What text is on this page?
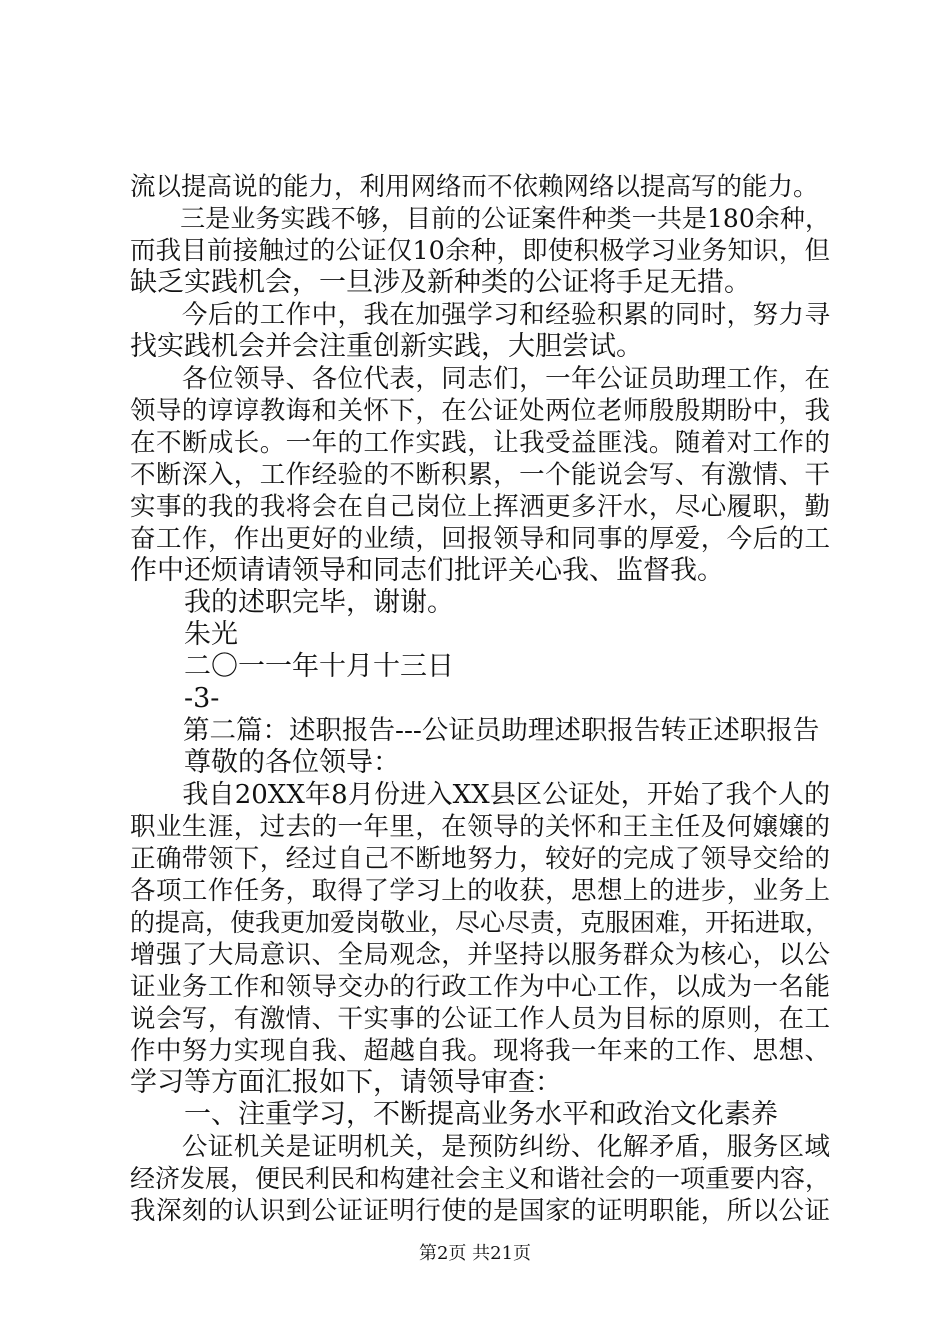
流以提高说的能力，利用网络而不依赖网络以提高写的能力。
　　三是业务实践不够，目前的公证案件种类一共是180余种，
而我目前接触过的公证仅10余种，即使积极学习业务知识，但
缺乏实践机会，一旦涉及新种类的公证将手足无措。
　　今后的工作中，我在加强学习和经验积累的同时，努力寻
找实践机会并会注重创新实践，大胆尝试。
　　各位领导、各位代表，同志们，一年公证员助理工作，在
领导的谆谆教诲和关怀下，在公证处两位老师殷殷期盼中，我
在不断成长。一年的工作实践，让我受益匪浅。随着对工作的
不断深入，工作经验的不断积累，一个能说会写、有激情、干
实事的我的我将会在自己岗位上挥洒更多汗水，尽心履职，勤
奋工作，作出更好的业绩，回报领导和同事的厚爱，今后的工
作中还烦请请领导和同志们批评关心我、监督我。
　　我的述职完毕，谢谢。
　　朱光
　　二〇一一年十月十三日
　　-3-
　　第二篇：述职报告---公证员助理述职报告转正述职报告
　　尊敬的各位领导：
　　我自20XX年8月份进入XX县区公证处，开始了我个人的
职业生涯，过去的一年里，在领导的关怀和王主任及何嬢嬢的
正确带领下，经过自己不断地努力，较好的完成了领导交给的
各项工作任务，取得了学习上的收获，思想上的进步，业务上
的提高，使我更加爱岗敬业，尽心尽责，克服困难，开拓进取，
增强了大局意识、全局观念，并坚持以服务群众为核心，以公
证业务工作和领导交办的行政工作为中心工作，以成为一名能
说会写，有激情、干实事的公证工作人员为目标的原则，在工
作中努力实现自我、超越自我。现将我一年来的工作、思想、
学习等方面汇报如下，请领导审查：
　　一、注重学习，不断提高业务水平和政治文化素养
　　公证机关是证明机关，是预防纠纷、化解矛盾，服务区域
经济发展，便民利民和构建社会主义和谐社会的一项重要内容，
我深刻的认识到公证证明行使的是国家的证明职能，所以公证
第2页 共21页
